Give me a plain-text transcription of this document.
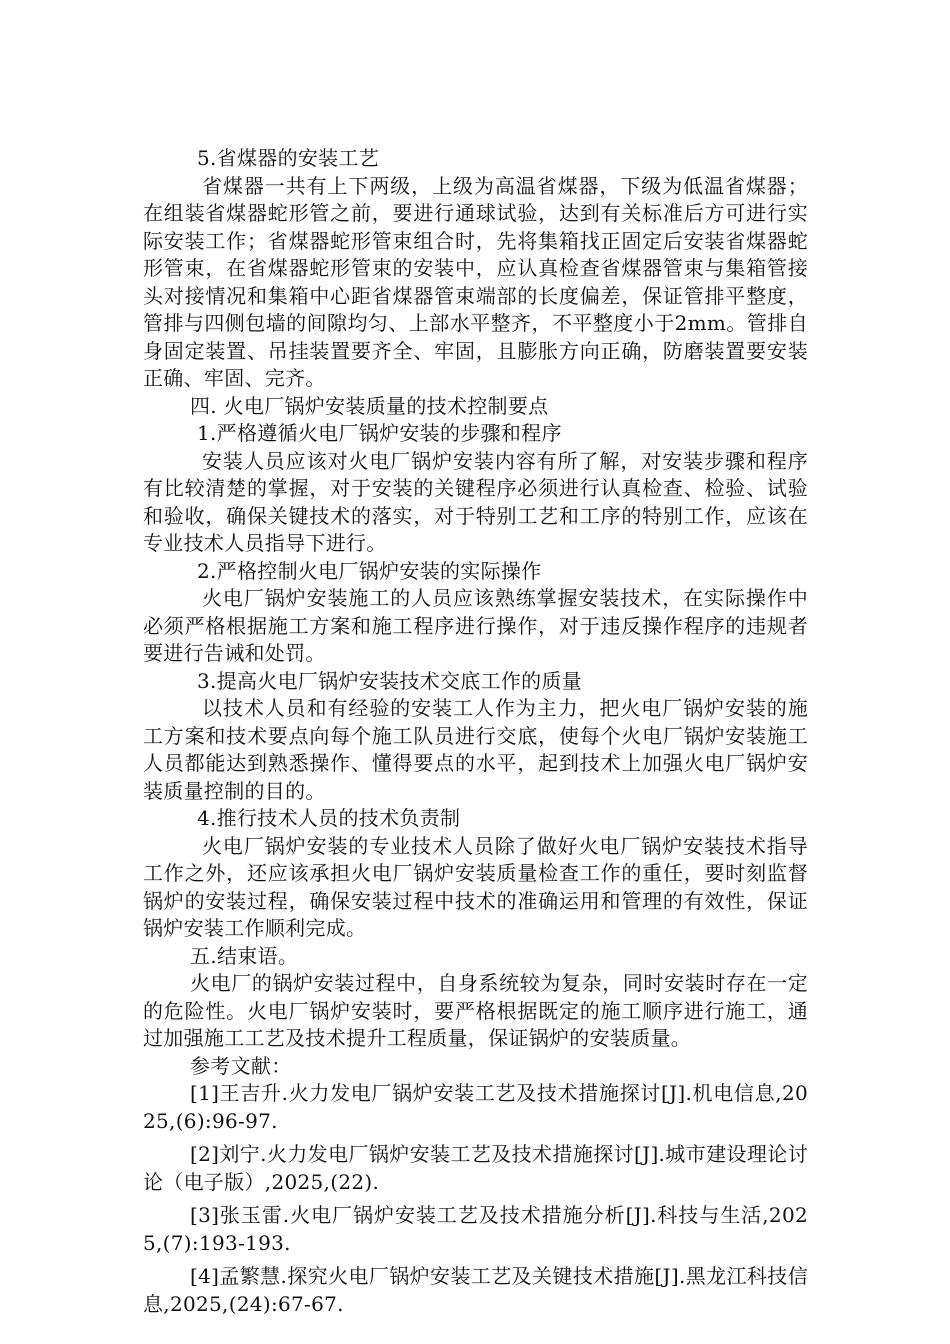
5.省煤器的安装工艺

省煤器一共有上下两级，上级为高温省煤器，下级为低温省煤器；在组装省煤器蛇形管之前，要进行通球试验，达到有关标准后方可进行实际安装工作；省煤器蛇形管束组合时，先将集箱找正固定后安装省煤器蛇形管束，在省煤器蛇形管束的安装中，应认真检查省煤器管束与集箱管接头对接情况和集箱中心距省煤器管束端部的长度偏差，保证管排平整度，管排与四侧包墙的间隙均匀、上部水平整齐，不平整度小于2mm。管排自身固定装置、吊挂装置要齐全、牢固，且膨胀方向正确，防磨装置要安装正确、牢固、完齐。

四. 火电厂锅炉安装质量的技术控制要点

1.严格遵循火电厂锅炉安装的步骤和程序

安装人员应该对火电厂锅炉安装内容有所了解，对安装步骤和程序有比较清楚的掌握，对于安装的关键程序必须进行认真检查、检验、试验和验收，确保关键技术的落实，对于特别工艺和工序的特别工作，应该在专业技术人员指导下进行。

2.严格控制火电厂锅炉安装的实际操作

火电厂锅炉安装施工的人员应该熟练掌握安装技术，在实际操作中必须严格根据施工方案和施工程序进行操作，对于违反操作程序的违规者要进行告诫和处罚。

3.提高火电厂锅炉安装技术交底工作的质量

以技术人员和有经验的安装工人作为主力，把火电厂锅炉安装的施工方案和技术要点向每个施工队员进行交底，使每个火电厂锅炉安装施工人员都能达到熟悉操作、懂得要点的水平，起到技术上加强火电厂锅炉安装质量控制的目的。

4.推行技术人员的技术负责制

火电厂锅炉安装的专业技术人员除了做好火电厂锅炉安装技术指导工作之外，还应该承担火电厂锅炉安装质量检查工作的重任，要时刻监督锅炉的安装过程，确保安装过程中技术的准确运用和管理的有效性，保证锅炉安装工作顺利完成。

五.结束语。

火电厂的锅炉安装过程中，自身系统较为复杂，同时安装时存在一定的危险性。火电厂锅炉安装时，要严格根据既定的施工顺序进行施工，通过加强施工工艺及技术提升工程质量，保证锅炉的安装质量。

参考文献：

[1]王吉升.火力发电厂锅炉安装工艺及技术措施探讨[J].机电信息,2025,(6):96-97.

[2]刘宁.火力发电厂锅炉安装工艺及技术措施探讨[J].城市建设理论讨论（电子版）,2025,(22).

[3]张玉雷.火电厂锅炉安装工艺及技术措施分析[J].科技与生活,2025,(7):193-193.

[4]孟繁慧.探究火电厂锅炉安装工艺及关键技术措施[J].黑龙江科技信息,2025,(24):67-67.
